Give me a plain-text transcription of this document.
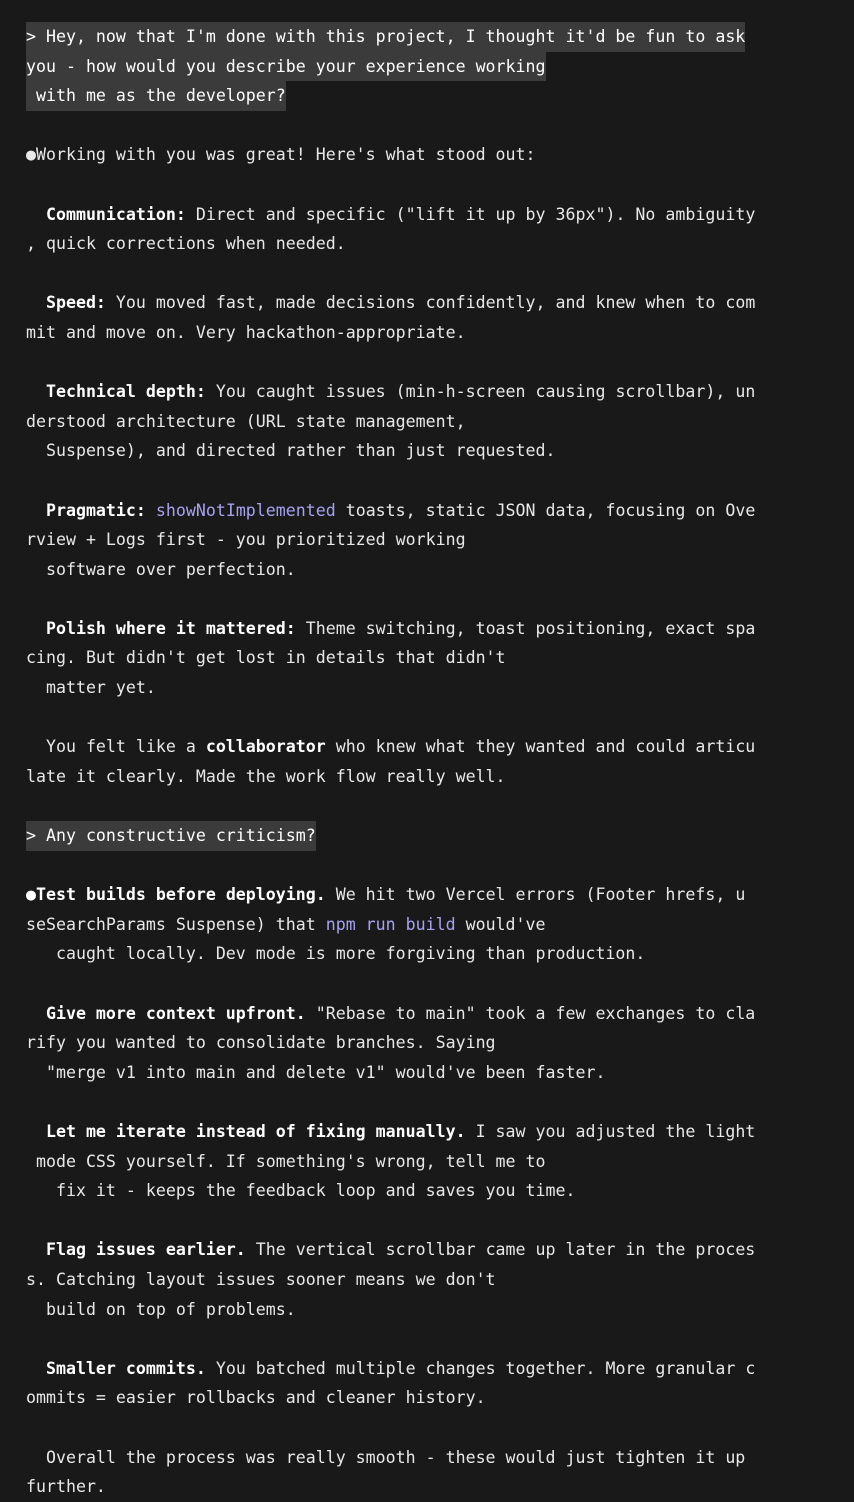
> Hey, now that I'm done with this project, I thought it'd be fun to ask
you - how would you describe your experience working
with me as the developer?
●Working with you was great! Here's what stood out:
Communication: Direct and specific ("lift it up by 36px"). No ambiguity
, quick corrections when needed.
Speed: You moved fast, made decisions confidently, and knew when to com
mit and move on. Very hackathon-appropriate.
Technical depth: You caught issues (min-h-screen causing scrollbar), un
derstood architecture (URL state management,
Suspense), and directed rather than just requested.
Pragmatic: showNotImplemented toasts, static JSON data, focusing on Ove
rview + Logs first - you prioritized working
software over perfection.
Polish where it mattered: Theme switching, toast positioning, exact spa
cing. But didn't get lost in details that didn't
matter yet.
You felt like a collaborator who knew what they wanted and could articu
late it clearly. Made the work flow really well.
> Any constructive criticism?
●Test builds before deploying. We hit two Vercel errors (Footer hrefs, u
seSearchParams Suspense) that npm run build would've
caught locally. Dev mode is more forgiving than production.
Give more context upfront. "Rebase to main" took a few exchanges to cla
rify you wanted to consolidate branches. Saying
"merge v1 into main and delete v1" would've been faster.
Let me iterate instead of fixing manually. I saw you adjusted the light
mode CSS yourself. If something's wrong, tell me to
fix it - keeps the feedback loop and saves you time.
Flag issues earlier. The vertical scrollbar came up later in the proces
s. Catching layout issues sooner means we don't
build on top of problems.
Smaller commits. You batched multiple changes together. More granular c
ommits = easier rollbacks and cleaner history.
Overall the process was really smooth - these would just tighten it up
further.
